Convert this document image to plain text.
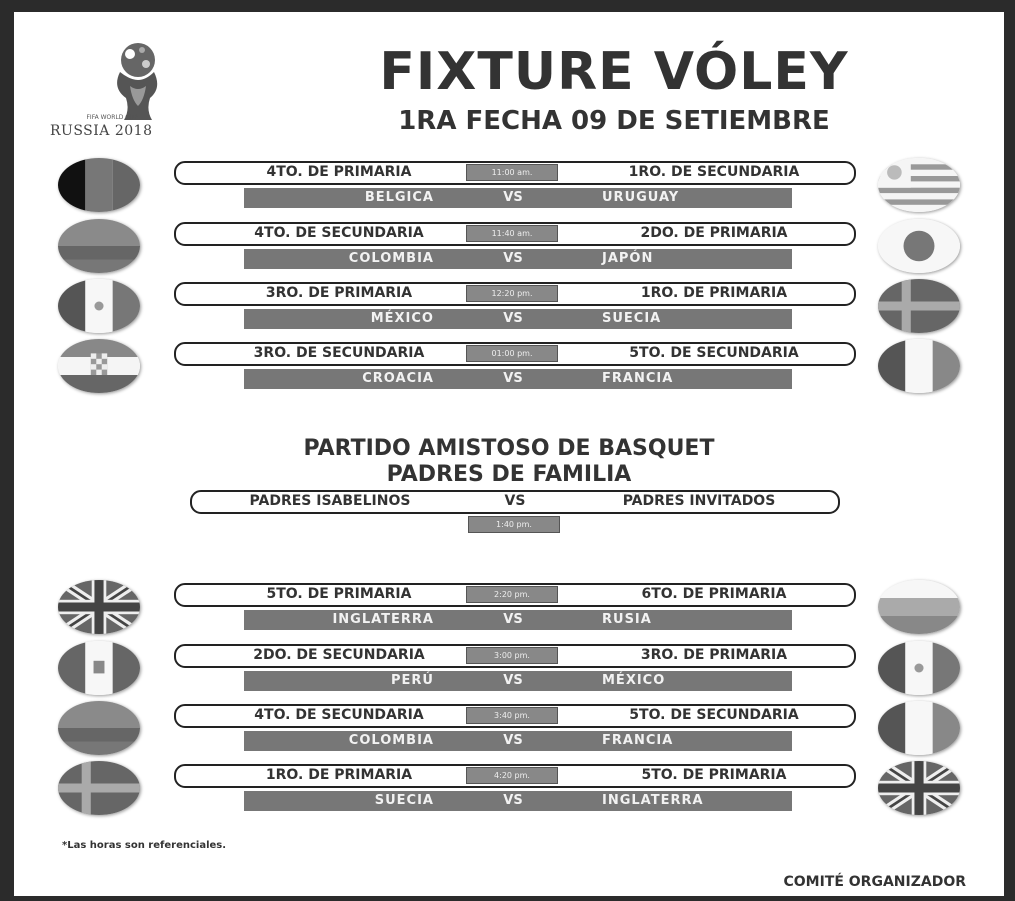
FIFA WORLD CUP
RUSSIA 2018
FIXTURE VÓLEY
1RA FECHA 09 DE SETIEMBRE
4TO. DE PRIMARIA	11:00 am.	1RO. DE SECUNDARIA
BELGICA	VS	URUGUAY
4TO. DE SECUNDARIA	11:40 am.	2DO. DE PRIMARIA
COLOMBIA	VS	JAPÓN
3RO. DE PRIMARIA	12:20 pm.	1RO. DE PRIMARIA
MÉXICO	VS	SUECIA
3RO. DE SECUNDARIA	01:00 pm.	5TO. DE SECUNDARIA
CROACIA	VS	FRANCIA
PARTIDO AMISTOSO DE BASQUET
PADRES DE FAMILIA
PADRES ISABELINOS	VS	PADRES INVITADOS
1:40 pm.
5TO. DE PRIMARIA	2:20 pm.	6TO. DE PRIMARIA
INGLATERRA	VS	RUSIA
2DO. DE SECUNDARIA	3:00 pm.	3RO. DE PRIMARIA
PERÚ	VS	MÉXICO
4TO. DE SECUNDARIA	3:40 pm.	5TO. DE SECUNDARIA
COLOMBIA	VS	FRANCIA
1RO. DE PRIMARIA	4:20 pm.	5TO. DE PRIMARIA
SUECIA	VS	INGLATERRA
*Las horas son referenciales.
COMITÉ ORGANIZADOR
